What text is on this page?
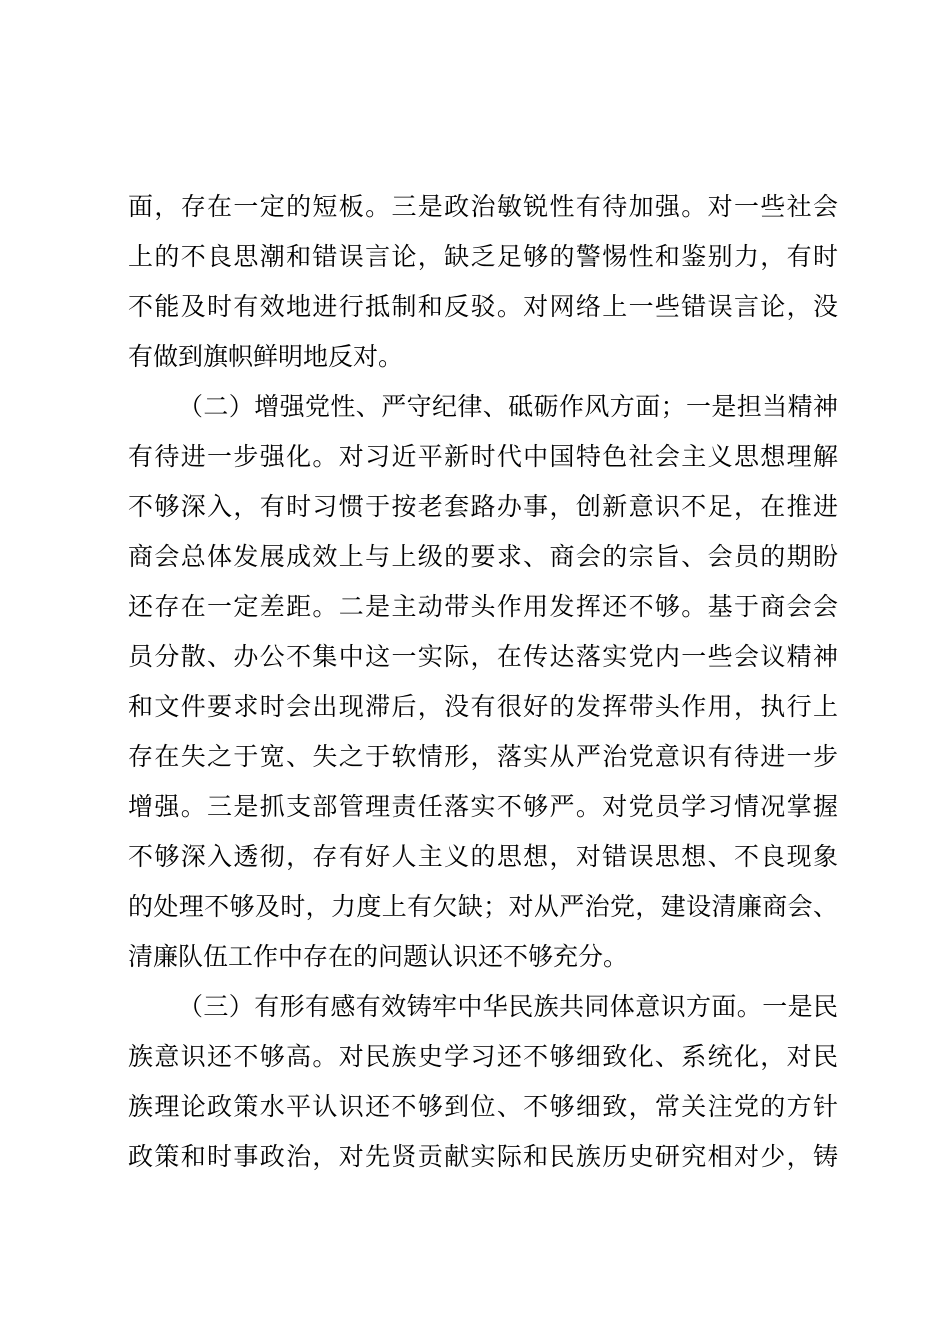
面，存在一定的短板。三是政治敏锐性有待加强。对一些社会
上的不良思潮和错误言论，缺乏足够的警惕性和鉴别力，有时
不能及时有效地进行抵制和反驳。对网络上一些错误言论，没
有做到旗帜鲜明地反对。
（二）增强党性、严守纪律、砥砺作风方面；一是担当精神
有待进一步强化。对习近平新时代中国特色社会主义思想理解
不够深入，有时习惯于按老套路办事，创新意识不足，在推进
商会总体发展成效上与上级的要求、商会的宗旨、会员的期盼
还存在一定差距。二是主动带头作用发挥还不够。基于商会会
员分散、办公不集中这一实际，在传达落实党内一些会议精神
和文件要求时会出现滞后，没有很好的发挥带头作用，执行上
存在失之于宽、失之于软情形，落实从严治党意识有待进一步
增强。三是抓支部管理责任落实不够严。对党员学习情况掌握
不够深入透彻，存有好人主义的思想，对错误思想、不良现象
的处理不够及时，力度上有欠缺；对从严治党，建设清廉商会、
清廉队伍工作中存在的问题认识还不够充分。
（三）有形有感有效铸牢中华民族共同体意识方面。一是民
族意识还不够高。对民族史学习还不够细致化、系统化，对民
族理论政策水平认识还不够到位、不够细致，常关注党的方针
政策和时事政治，对先贤贡献实际和民族历史研究相对少，铸
